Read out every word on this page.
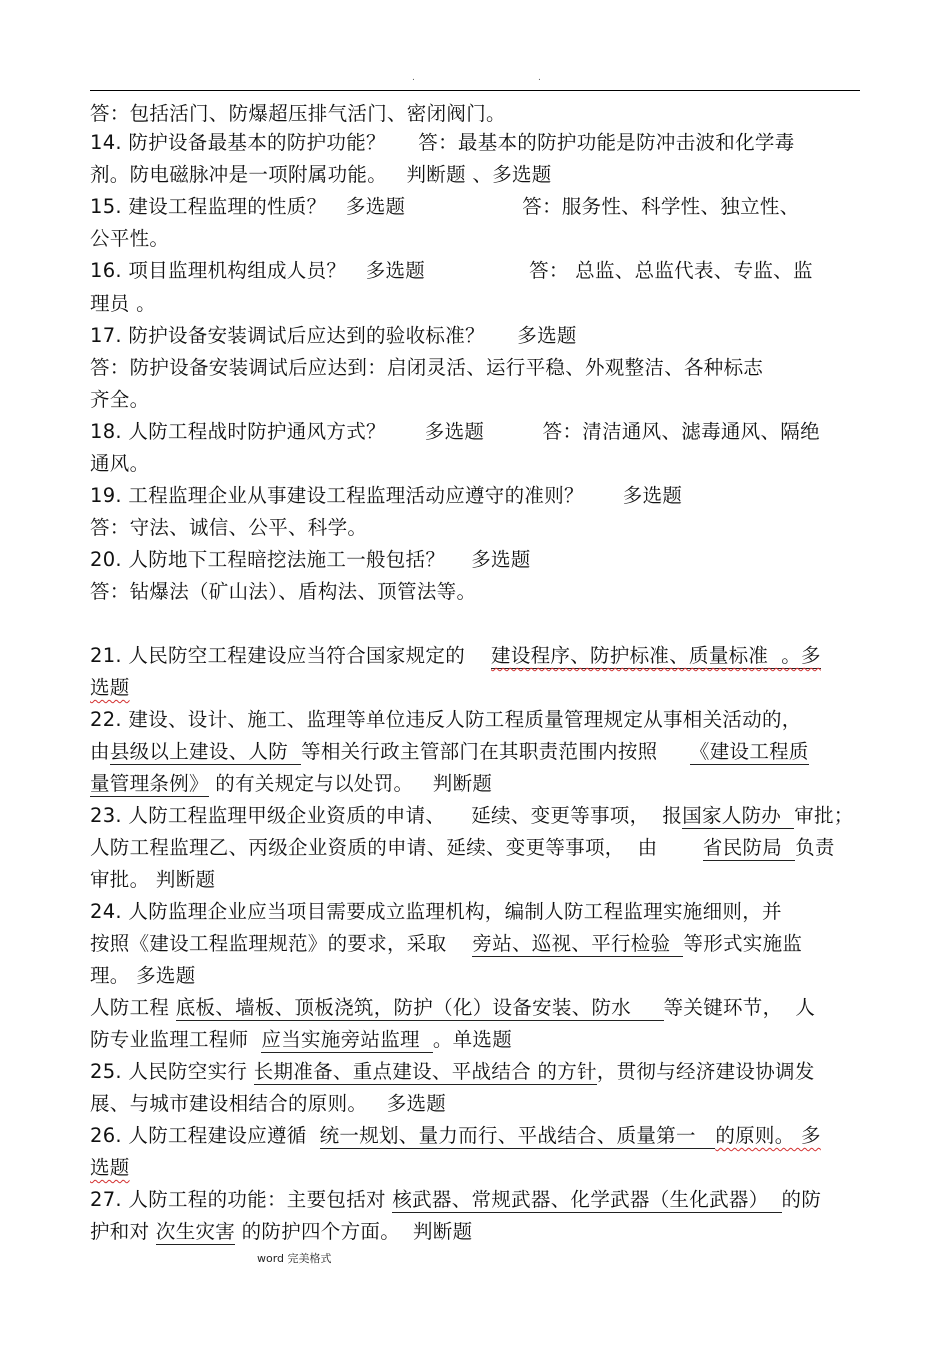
.	.
答：包括活门、防爆超压排气活门、密闭阀门。
14. 防护设备最基本的防护功能？     答：最基本的防护功能是防冲击波和化学毒
剂。防电磁脉冲是一项附属功能。   判断题 、多选题
15. 建设工程监理的性质？   多选题                  答：服务性、科学性、独立性、
公平性。
16. 项目监理机构组成人员？   多选题                答： 总监、总监代表、专监、监
理员 。
17. 防护设备安装调试后应达到的验收标准？     多选题
答：防护设备安装调试后应达到：启闭灵活、运行平稳、外观整洁、各种标志
齐全。
18. 人防工程战时防护通风方式？      多选题         答：清洁通风、滤毒通风、隔绝
通风。
19. 工程监理企业从事建设工程监理活动应遵守的准则？      多选题
答：守法、诚信、公平、科学。
20. 人防地下工程暗挖法施工一般包括？    多选题
答：钻爆法（矿山法）、盾构法、顶管法等。
21. 人民防空工程建设应当符合国家规定的    建设程序、防护标准、质量标准  。多
选题
22. 建设、设计、施工、监理等单位违反人防工程质量管理规定从事相关活动的，
由县级以上建设、人防  等相关行政主管部门在其职责范围内按照     《建设工程质
量管理条例》 的有关规定与以处罚。   判断题
23. 人防工程监理甲级企业资质的申请、    延续、变更等事项，  报国家人防办  审批；
人防工程监理乙、丙级企业资质的申请、延续、变更等事项，  由       省民防局  负责
审批。 判断题
24. 人防监理企业应当项目需要成立监理机构，编制人防工程监理实施细则，并
按照《建设工程监理规范》的要求，采取    旁站、巡视、平行检验  等形式实施监
理。 多选题
人防工程 底板、墙板、顶板浇筑，防护（化）设备安装、防水     等关键环节，  人
防专业监理工程师  应当实施旁站监理  。单选题
25. 人民防空实行 长期准备、重点建设、平战结合 的方针，贯彻与经济建设协调发
展、与城市建设相结合的原则。   多选题
26. 人防工程建设应遵循  统一规划、量力而行、平战结合、质量第一   的原则。 多
选题
27. 人防工程的功能：主要包括对 核武器、常规武器、化学武器（生化武器）  的防
护和对 次生灾害 的防护四个方面。  判断题
word 完美格式
